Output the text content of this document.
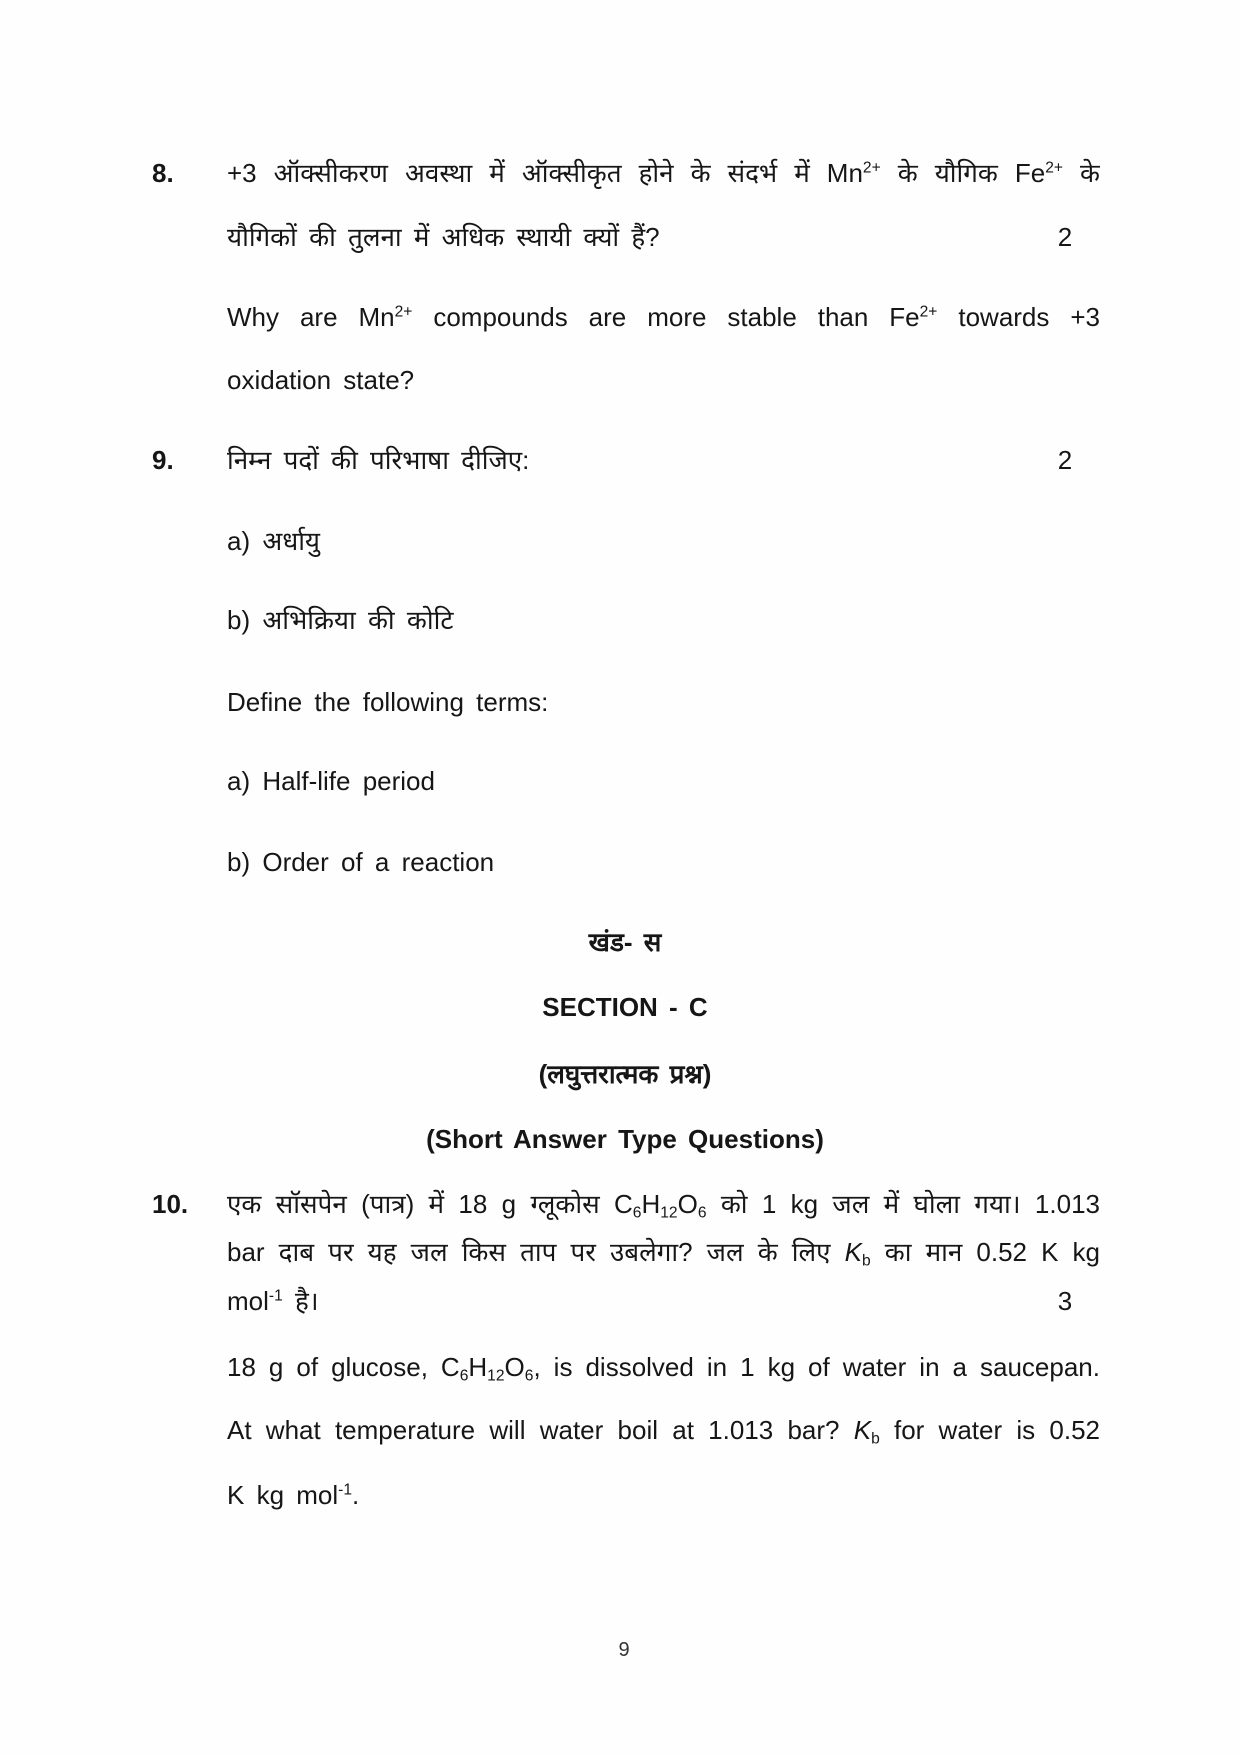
8.	+3 ऑक्सीकरण अवस्था में ऑक्सीकृत होने के संदर्भ में $Mn^{2+}$ के यौगिक $Fe^{2+}$ के
यौगिकों की तुलना में अधिक स्थायी क्यों हैं?	2
Why are $Mn^{2+}$ compounds are more stable than $Fe^{2+}$ towards +3
oxidation state?
9.	निम्न पदों की परिभाषा दीजिए:	2
a) अर्धायु
b) अभिक्रिया की कोटि
Define the following terms:
a) Half-life period
b) Order of a reaction
खंड- स
SECTION - C
(लघुत्तरात्मक प्रश्न)
(Short Answer Type Questions)
10.	एक सॉसपेन (पात्र) में 18 g ग्लूकोस $C_6H_{12}O_6$ को 1 kg जल में घोला गया। 1.013
bar दाब पर यह जल किस ताप पर उबलेगा? जल के लिए $K_b$ का मान 0.52 K kg
mol$^{-1}$ है।	3
18 g of glucose, $C_6H_{12}O_6$, is dissolved in 1 kg of water in a saucepan.
At what temperature will water boil at 1.013 bar? $K_b$ for water is 0.52
K kg mol$^{-1}$.
9
